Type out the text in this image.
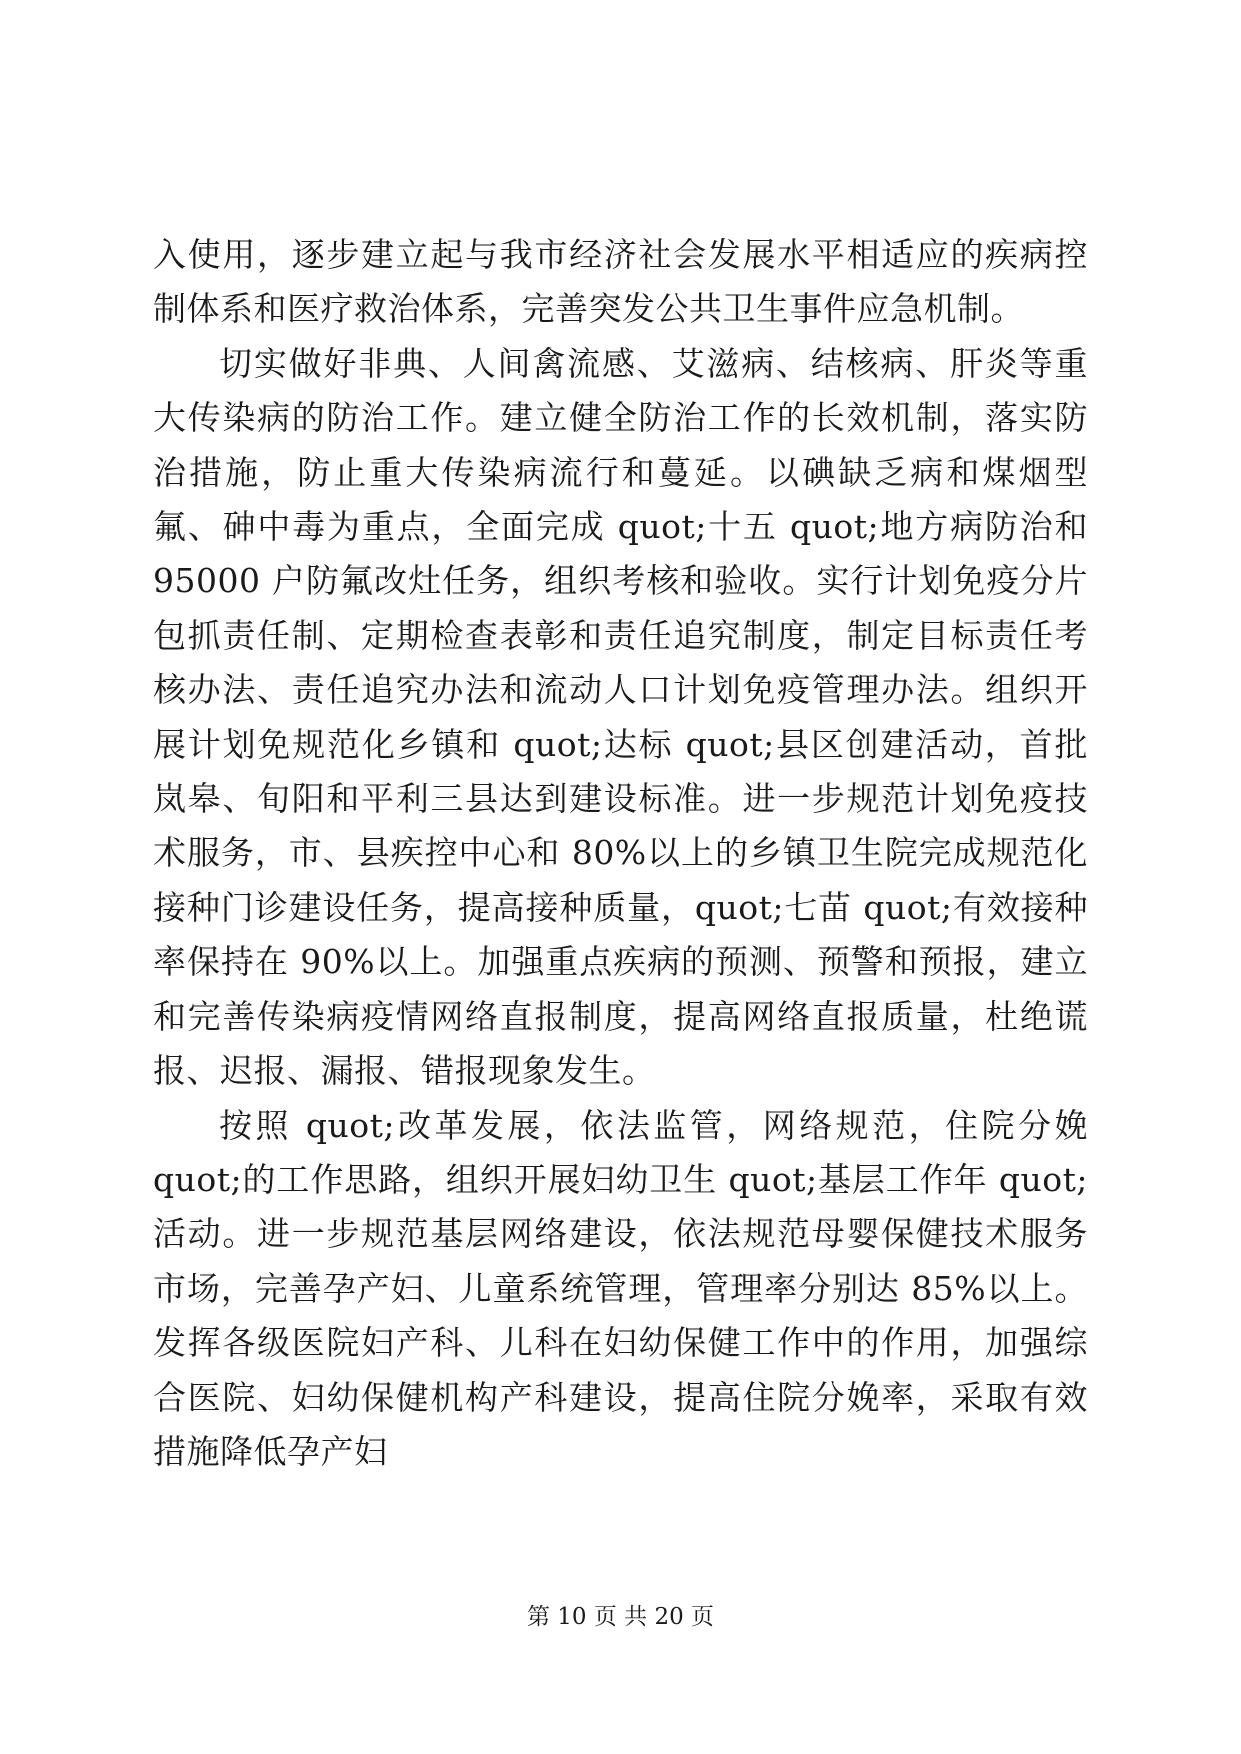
入使用，逐步建立起与我市经济社会发展水平相适应的疾病控制体系和医疗救治体系，完善突发公共卫生事件应急机制。

切实做好非典、人间禽流感、艾滋病、结核病、肝炎等重大传染病的防治工作。建立健全防治工作的长效机制，落实防治措施，防止重大传染病流行和蔓延。以碘缺乏病和煤烟型氟、砷中毒为重点，全面完成 quot;十五 quot;地方病防治和 95000 户防氟改灶任务，组织考核和验收。实行计划免疫分片包抓责任制、定期检查表彰和责任追究制度，制定目标责任考核办法、责任追究办法和流动人口计划免疫管理办法。组织开展计划免规范化乡镇和 quot;达标 quot;县区创建活动，首批岚皋、旬阳和平利三县达到建设标准。进一步规范计划免疫技术服务，市、县疾控中心和 80%以上的乡镇卫生院完成规范化接种门诊建设任务，提高接种质量，quot;七苗 quot;有效接种率保持在 90%以上。加强重点疾病的预测、预警和预报，建立和完善传染病疫情网络直报制度，提高网络直报质量，杜绝谎报、迟报、漏报、错报现象发生。

按照 quot;改革发展，依法监管，网络规范，住院分娩 quot;的工作思路，组织开展妇幼卫生 quot;基层工作年 quot;活动。进一步规范基层网络建设，依法规范母婴保健技术服务市场，完善孕产妇、儿童系统管理，管理率分别达 85%以上。发挥各级医院妇产科、儿科在妇幼保健工作中的作用，加强综合医院、妇幼保健机构产科建设，提高住院分娩率，采取有效措施降低孕产妇

第 10 页 共 20 页
